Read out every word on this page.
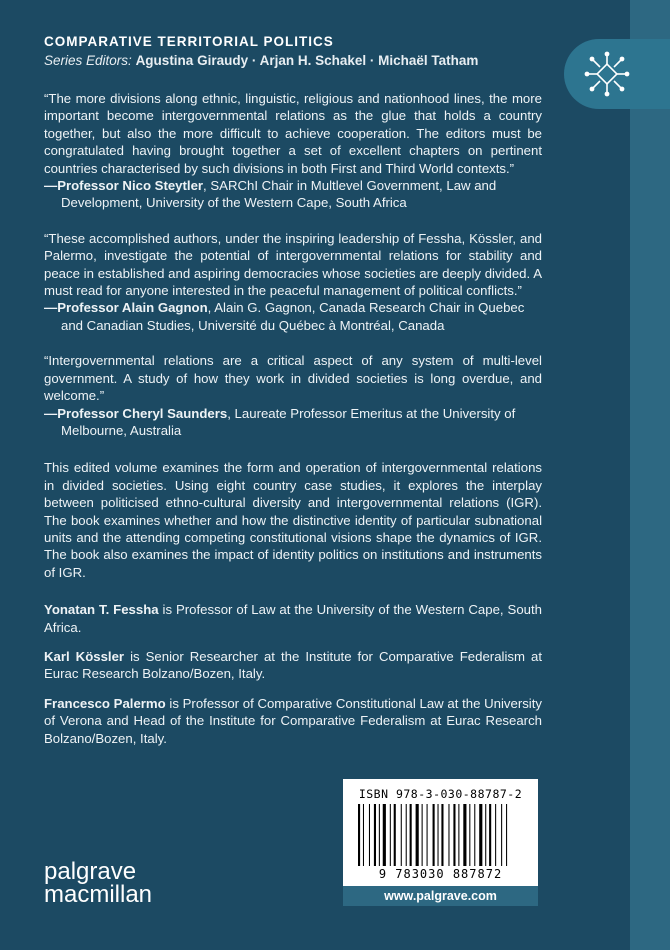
COMPARATIVE TERRITORIAL POLITICS
Series Editors: Agustina Giraudy · Arjan H. Schakel · Michaël Tatham

“The more divisions along ethnic, linguistic, religious and nationhood lines, the more important become intergovernmental relations as the glue that holds a country together, but also the more difficult to achieve cooperation. The editors must be congratulated having brought together a set of excellent chapters on pertinent countries characterised by such divisions in both First and Third World contexts.”

—Professor Nico Steytler, SARChI Chair in Multlevel Government, Law and Development, University of the Western Cape, South Africa

“These accomplished authors, under the inspiring leadership of Fessha, Kössler, and Palermo, investigate the potential of intergovernmental relations for stability and peace in established and aspiring democracies whose societies are deeply divided. A must read for anyone interested in the peaceful management of political conflicts.”

—Professor Alain Gagnon, Alain G. Gagnon, Canada Research Chair in Quebec and Canadian Studies, Université du Québec à Montréal, Canada

“Intergovernmental relations are a critical aspect of any system of multi-level government. A study of how they work in divided societies is long overdue, and welcome.”

—Professor Cheryl Saunders, Laureate Professor Emeritus at the University of Melbourne, Australia

This edited volume examines the form and operation of intergovernmental relations in divided societies. Using eight country case studies, it explores the interplay between politicised ethno-cultural diversity and intergovernmental relations (IGR). The book examines whether and how the distinctive identity of particular subnational units and the attending competing constitutional visions shape the dynamics of IGR. The book also examines the impact of identity politics on institutions and instruments of IGR.

Yonatan T. Fessha is Professor of Law at the University of the Western Cape, South Africa.

Karl Kössler is Senior Researcher at the Institute for Comparative Federalism at Eurac Research Bolzano/Bozen, Italy.

Francesco Palermo is Professor of Comparative Constitutional Law at the University of Verona and Head of the Institute for Comparative Federalism at Eurac Research Bolzano/Bozen, Italy.

palgrave
macmillan
ISBN 978-3-030-88787-2
9 783030 887872
www.palgrave.com
